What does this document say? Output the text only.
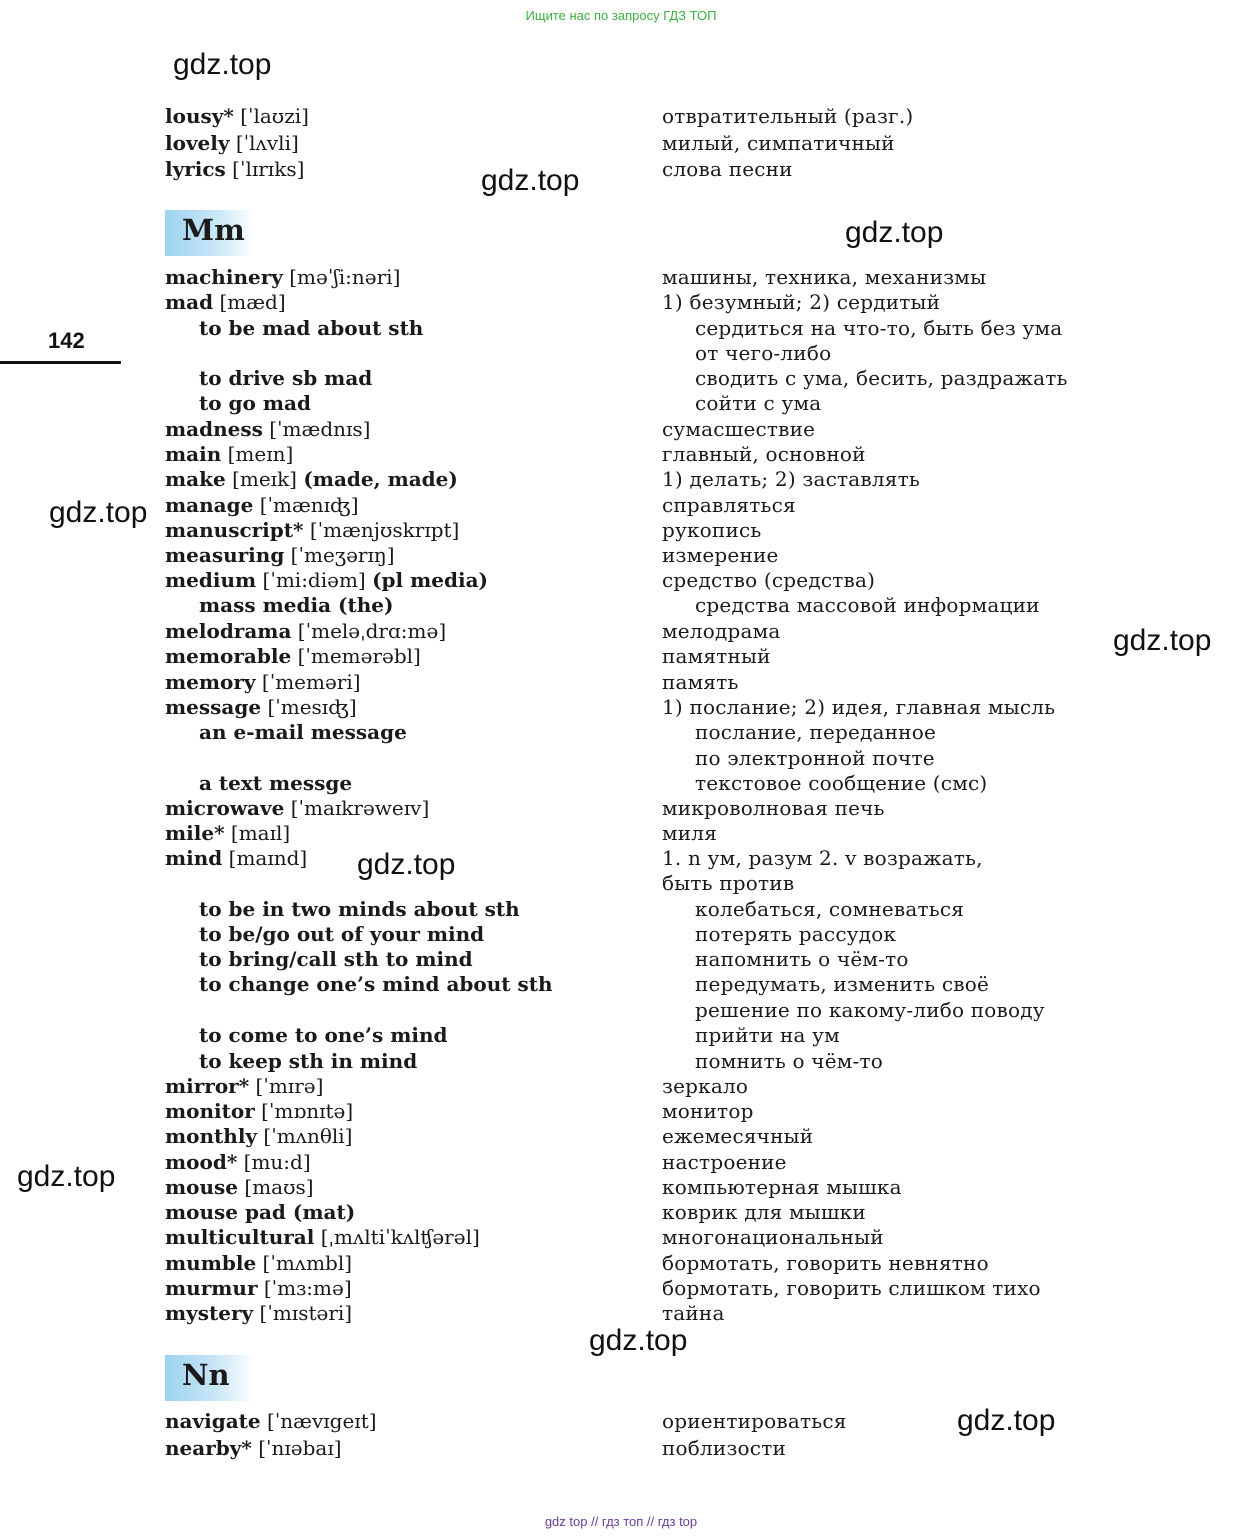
Ищите нас по запросу ГДЗ ТОП
gdz.top
gdz.top
gdz.top
gdz.top
gdz.top
gdz.top
gdz.top
gdz.top
gdz.top
142
Mm
Nn
lousy* [ˈlaʊzi]	отвратительный (разг.)
lovely [ˈlʌvli]	милый, симпатичный
lyrics [ˈlɪrɪks]	слова песни
machinery [məˈʃi:nəri]	машины, техника, механизмы
mad [mæd]	1) безумный; 2) сердитый
to be mad about sth	сердиться на что-то, быть без ума
от чего-либо
to drive sb mad	сводить с ума, бесить, раздражать
to go mad	сойти с ума
madness [ˈmædnɪs]	сумасшествие
main [meɪn]	главный, основной
make [meɪk] (made, made)	1) делать; 2) заставлять
manage [ˈmænɪʤ]	справляться
manuscript* [ˈmænjʊskrɪpt]	рукопись
measuring [ˈmeʒərɪŋ]	измерение
medium [ˈmi:diəm] (pl media)	средство (средства)
mass media (the)	средства массовой информации
melodrama [ˈmeləˌdrɑ:mə]	мелодрама
memorable [ˈmemərəbl]	памятный
memory [ˈmeməri]	память
message [ˈmesɪʤ]	1) послание; 2) идея, главная мысль
an e-mail message	послание, переданное
по электронной почте
a text messge	текстовое сообщение (смс)
microwave [ˈmaɪkrəweɪv]	микроволновая печь
mile* [maɪl]	миля
mind [maɪnd]	1. n ум, разум 2. v возражать,
быть против
to be in two minds about sth	колебаться, сомневаться
to be/go out of your mind	потерять рассудок
to bring/call sth to mind	напомнить о чём-то
to change one’s mind about sth	передумать, изменить своё
решение по какому-либо поводу
to come to one’s mind	прийти на ум
to keep sth in mind	помнить о чём-то
mirror* [ˈmɪrə]	зеркало
monitor [ˈmɒnɪtə]	монитор
monthly [ˈmʌnθli]	ежемесячный
mood* [mu:d]	настроение
mouse [maʊs]	компьютерная мышка
mouse pad (mat)	коврик для мышки
multicultural [ˌmʌltiˈkʌlʧərəl]	многонациональный
mumble [ˈmʌmbl]	бормотать, говорить невнятно
murmur [ˈmɜ:mə]	бормотать, говорить слишком тихо
mystery [ˈmɪstəri]	тайна
navigate [ˈnævɪgeɪt]	ориентироваться
nearby* [ˈnɪəbaɪ]	поблизости
gdz top // гдз топ // гдз top
